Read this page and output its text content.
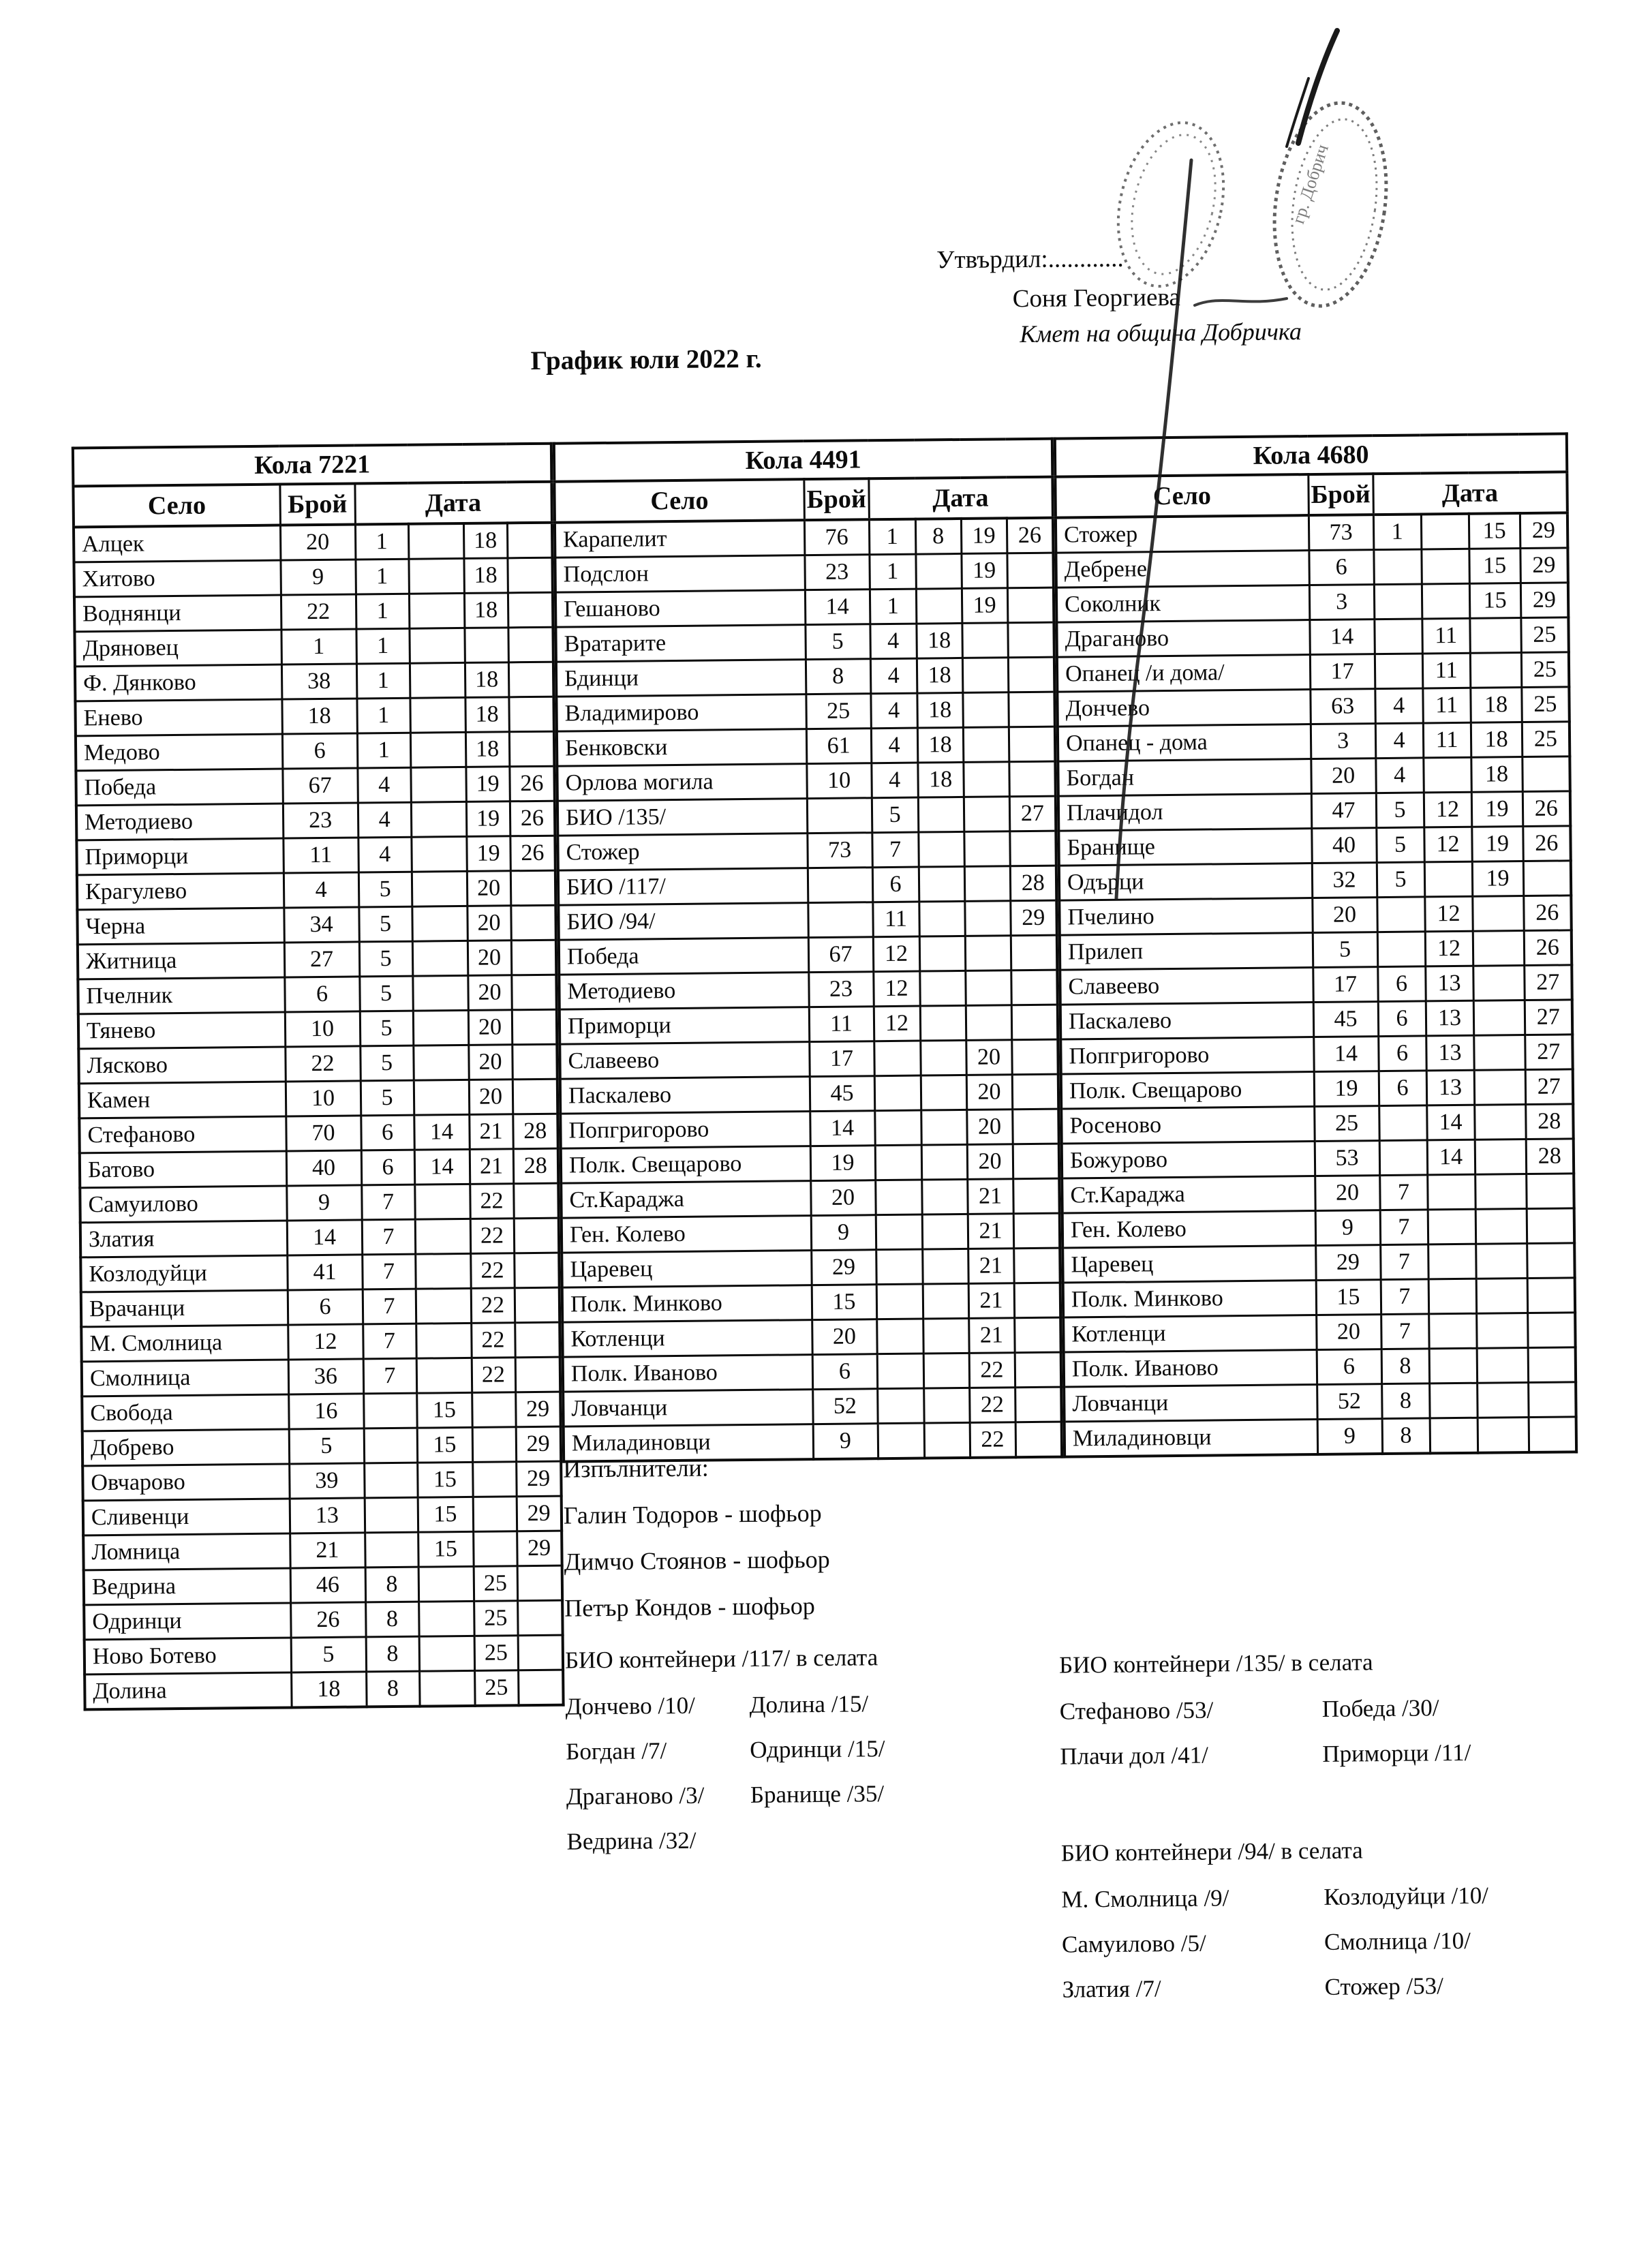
гр. Добрич
Утвърдил:............
Соня Георгиева
Кмет на община Добричка
График юли 2022 г.
Кола 7221					
Село	Брой	Дата			
Алцек	20	1		18	
Хитово	9	1		18	
Воднянци	22	1		18	
Дряновец	1	1			
Ф. Дянково	38	1		18	
Енево	18	1		18	
Медово	6	1		18	
Победа	67	4		19	26
Методиево	23	4		19	26
Приморци	11	4		19	26
Крагулево	4	5		20	
Черна	34	5		20	
Житница	27	5		20	
Пчелник	6	5		20	
Тянево	10	5		20	
Лясково	22	5		20	
Камен	10	5		20	
Стефаново	70	6	14	21	28
Батово	40	6	14	21	28
Самуилово	9	7		22	
Златия	14	7		22	
Козлодуйци	41	7		22	
Врачанци	6	7		22	
М. Смолница	12	7		22	
Смолница	36	7		22	
Свобода	16		15		29
Добрево	5		15		29
Овчарово	39		15		29
Сливенци	13		15		29
Ломница	21		15		29
Ведрина	46	8		25	
Одринци	26	8		25	
Ново Ботево	5	8		25	
Долина	18	8		25	
Кола 4491					
Село	Брой	Дата			
Карапелит	76	1	8	19	26
Подслон	23	1		19	
Гешаново	14	1		19	
Вратарите	5	4	18		
Бдинци	8	4	18		
Владимирово	25	4	18		
Бенковски	61	4	18		
Орлова могила	10	4	18		
БИО /135/		5			27
Стожер	73	7			
БИО /117/		6			28
БИО /94/		11			29
Победа	67	12			
Методиево	23	12			
Приморци	11	12			
Славеево	17			20	
Паскалево	45			20	
Попгригорово	14			20	
Полк. Свещарово	19			20	
Ст.Караджа	20			21	
Ген. Колево	9			21	
Царевец	29			21	
Полк. Минково	15			21	
Котленци	20			21	
Полк. Иваново	6			22	
Ловчанци	52			22	
Миладиновци	9			22	
Кола 4680					
Село	Брой	Дата			
Стожер	73	1		15	29
Дебрене	6			15	29
Соколник	3			15	29
Драганово	14		11		25
Опанец /и дома/	17		11		25
Дончево	63	4	11	18	25
Опанец - дома	3	4	11	18	25
Богдан	20	4		18	
Плачидол	47	5	12	19	26
Бранище	40	5	12	19	26
Одърци	32	5		19	
Пчелино	20		12		26
Прилеп	5		12		26
Славеево	17	6	13		27
Паскалево	45	6	13		27
Попгригорово	14	6	13		27
Полк. Свещарово	19	6	13		27
Росеново	25		14		28
Божурово	53		14		28
Ст.Караджа	20	7			
Ген. Колево	9	7			
Царевец	29	7			
Полк. Минково	15	7			
Котленци	20	7			
Полк. Иваново	6	8			
Ловчанци	52	8			
Миладиновци	9	8			
Изпълнители:
Галин Тодоров - шофьор
Димчо Стоянов - шофьор
Петър Кондов - шофьор
БИО контейнери /117/ в селата
Дончево /10/	Долина /15/
Богдан /7/	Одринци /15/
Драганово /3/	Бранище /35/
Ведрина /32/
БИО контейнери /135/ в селата
Стефаново /53/	Победа /30/
Плачи дол /41/	Приморци /11/
БИО контейнери /94/ в селата
М. Смолница /9/	Козлодуйци /10/
Самуилово /5/	Смолница /10/
Златия /7/	Стожер /53/
